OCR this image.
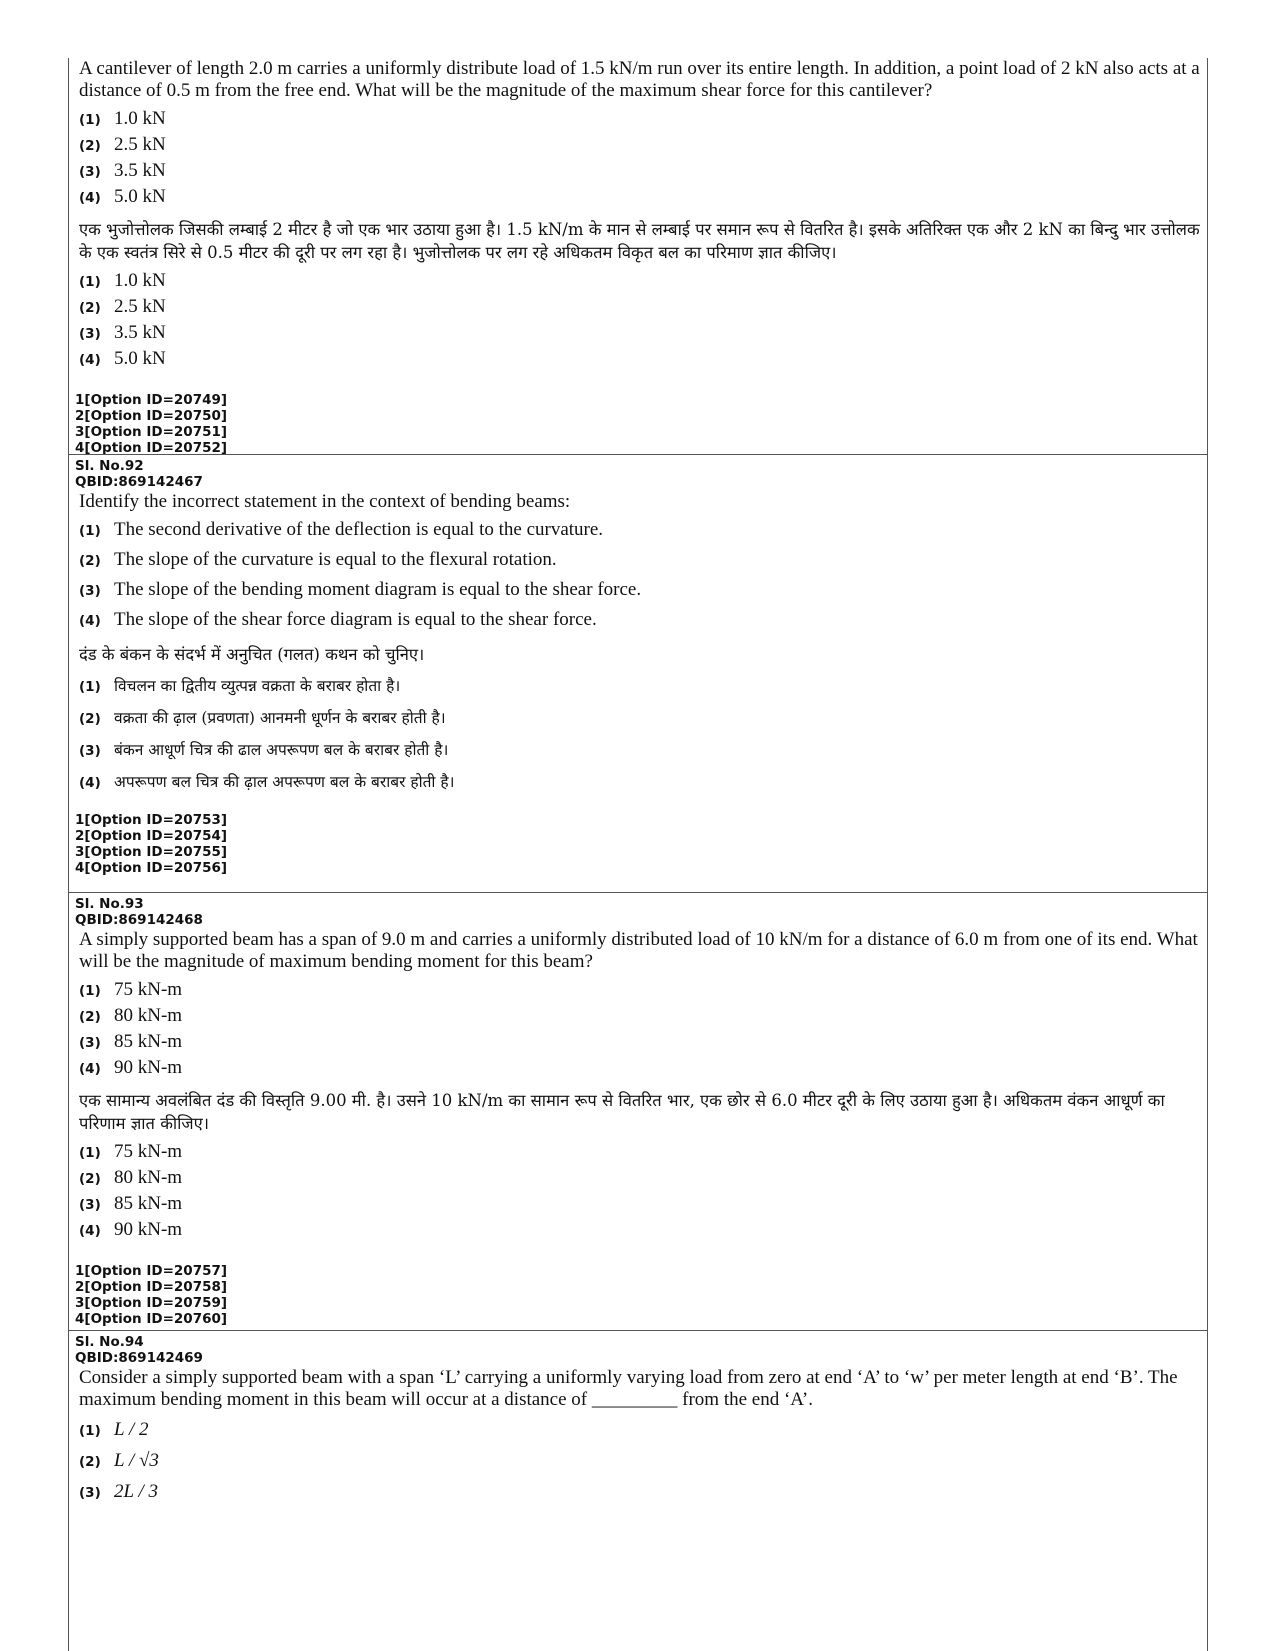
A cantilever of length 2.0 m carries a uniformly distribute load of 1.5 kN/m run over its entire length. In addition, a point load of 2 kN also acts at a distance of 0.5 m from the free end. What will be the magnitude of the maximum shear force for this cantilever?
(1) 1.0 kN
(2) 2.5 kN
(3) 3.5 kN
(4) 5.0 kN
एक भुजोत्तोलक जिसकी लम्बाई 2 मीटर है जो एक भार उठाया हुआ है। 1.5 kN/m के मान से लम्बाई पर समान रूप से वितरित है। इसके अतिरिक्त एक और 2 kN का बिन्दु भार उत्तोलक के एक स्वतंत्र सिरे से 0.5 मीटर की दूरी पर लग रहा है। भुजोत्तोलक पर लग रहे अधिकतम विकृत बल का परिमाण ज्ञात कीजिए।
(1) 1.0 kN
(2) 2.5 kN
(3) 3.5 kN
(4) 5.0 kN
1[Option ID=20749]
2[Option ID=20750]
3[Option ID=20751]
4[Option ID=20752]
Sl. No.92
QBID:869142467
Identify the incorrect statement in the context of bending beams:
(1) The second derivative of the deflection is equal to the curvature.
(2) The slope of the curvature is equal to the flexural rotation.
(3) The slope of the bending moment diagram is equal to the shear force.
(4) The slope of the shear force diagram is equal to the shear force.
दंड के बंकन के संदर्भ में अनुचित (गलत) कथन को चुनिए।
(1) विचलन का द्वितीय व्युत्पन्न वक्रता के बराबर होता है।
(2) वक्रता की ढ़ाल (प्रवणता) आनमनी धूर्णन के बराबर होती है।
(3) बंकन आधूर्ण चित्र की ढाल अपरूपण बल के बराबर होती है।
(4) अपरूपण बल चित्र की ढ़ाल अपरूपण बल के बराबर होती है।
1[Option ID=20753]
2[Option ID=20754]
3[Option ID=20755]
4[Option ID=20756]
Sl. No.93
QBID:869142468
A simply supported beam has a span of 9.0 m and carries a uniformly distributed load of 10 kN/m for a distance of 6.0 m from one of its end. What will be the magnitude of maximum bending moment for this beam?
(1) 75 kN-m
(2) 80 kN-m
(3) 85 kN-m
(4) 90 kN-m
एक सामान्य अवलंबित दंड की विस्तृति 9.00 मी. है। उसने 10 kN/m का सामान रूप से वितरित भार, एक छोर से 6.0 मीटर दूरी के लिए उठाया हुआ है। अधिकतम वंकन आधूर्ण का परिणाम ज्ञात कीजिए।
(1) 75 kN-m
(2) 80 kN-m
(3) 85 kN-m
(4) 90 kN-m
1[Option ID=20757]
2[Option ID=20758]
3[Option ID=20759]
4[Option ID=20760]
Sl. No.94
QBID:869142469
Consider a simply supported beam with a span ‘L’ carrying a uniformly varying load from zero at end ‘A’ to ‘w’ per meter length at end ‘B’. The maximum bending moment in this beam will occur at a distance of _________ from the end ‘A’.
(1) L / 2
(2) L / √3
(3) 2L / 3
